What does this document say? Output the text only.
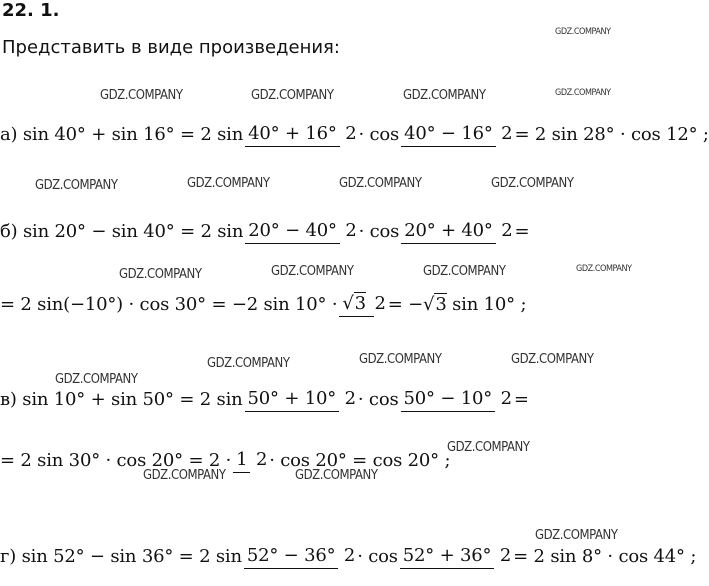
22. 1.
Представить в виде произведения:
а)
sin 40° + sin 16° = 2 sin 40° + 16° 2 · cos 40° − 16° 2 = 2 sin 28° · cos 12° ;
б)
sin 20° − sin 40° = 2 sin 20° − 40° 2 · cos 20° + 40° 2 =
= 2 sin(−10°) · cos 30° = −2 sin 10° · √3 2 = − √3
sin 10° ;
в)
sin 10° + sin 50° = 2 sin 50° + 10° 2 · cos 50° − 10° 2 =
= 2 sin 30° · cos 20° = 2 · 1 2 · cos 20° = cos 20° ;
г)
sin 52° − sin 36° = 2 sin 52° − 36° 2 · cos 52° + 36° 2 = 2 sin 8° · cos 44° ;
GDZ.COMPANY
GDZ.COMPANY	GDZ.COMPANY	GDZ.COMPANY	GDZ.COMPANY
GDZ.COMPANY	GDZ.COMPANY	GDZ.COMPANY	GDZ.COMPANY
GDZ.COMPANY	GDZ.COMPANY	GDZ.COMPANY	GDZ.COMPANY
GDZ.COMPANY	GDZ.COMPANY	GDZ.COMPANY
GDZ.COMPANY
GDZ.COMPANY
GDZ.COMPANY	GDZ.COMPANY
GDZ.COMPANY
